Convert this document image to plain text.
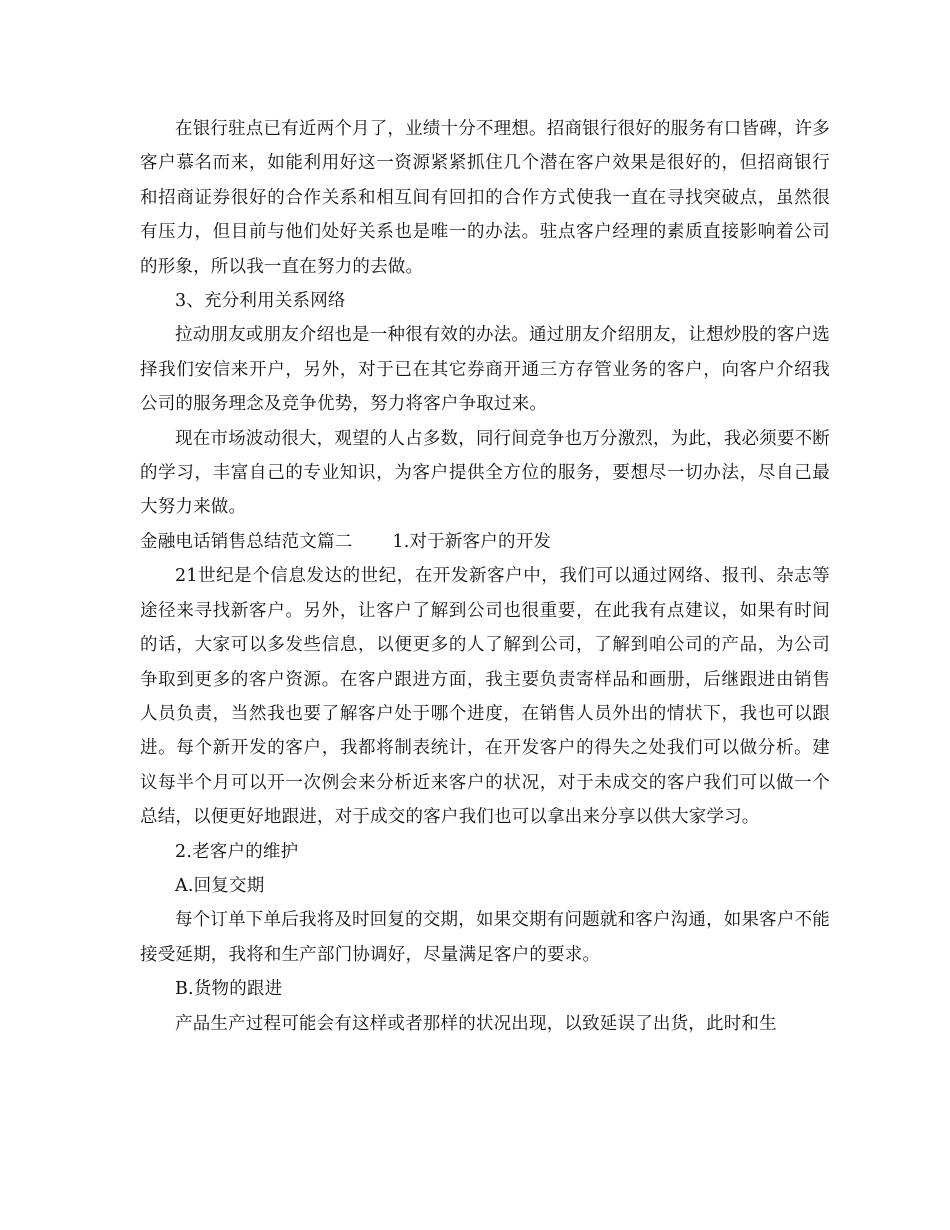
在银行驻点已有近两个月了，业绩十分不理想。招商银行很好的服务有口皆碑，许多客户慕名而来，如能利用好这一资源紧紧抓住几个潜在客户效果是很好的，但招商银行和招商证券很好的合作关系和相互间有回扣的合作方式使我一直在寻找突破点，虽然很有压力，但目前与他们处好关系也是唯一的办法。驻点客户经理的素质直接影响着公司的形象，所以我一直在努力的去做。

3、充分利用关系网络

拉动朋友或朋友介绍也是一种很有效的办法。通过朋友介绍朋友，让想炒股的客户选择我们安信来开户，另外，对于已在其它券商开通三方存管业务的客户，向客户介绍我公司的服务理念及竞争优势，努力将客户争取过来。

现在市场波动很大，观望的人占多数，同行间竞争也万分激烈，为此，我必须要不断的学习，丰富自己的专业知识，为客户提供全方位的服务，要想尽一切办法，尽自己最大努力来做。

金融电话销售总结范文篇二 1.对于新客户的开发

21世纪是个信息发达的世纪，在开发新客户中，我们可以通过网络、报刊、杂志等途径来寻找新客户。另外，让客户了解到公司也很重要，在此我有点建议，如果有时间的话，大家可以多发些信息，以便更多的人了解到公司，了解到咱公司的产品，为公司争取到更多的客户资源。在客户跟进方面，我主要负责寄样品和画册，后继跟进由销售人员负责，当然我也要了解客户处于哪个进度，在销售人员外出的情状下，我也可以跟进。每个新开发的客户，我都将制表统计，在开发客户的得失之处我们可以做分析。建议每半个月可以开一次例会来分析近来客户的状况，对于未成交的客户我们可以做一个总结，以便更好地跟进，对于成交的客户我们也可以拿出来分享以供大家学习。

2.老客户的维护

A.回复交期

每个订单下单后我将及时回复的交期，如果交期有问题就和客户沟通，如果客户不能接受延期，我将和生产部门协调好，尽量满足客户的要求。

B.货物的跟进

产品生产过程可能会有这样或者那样的状况出现，以致延误了出货，此时和生
